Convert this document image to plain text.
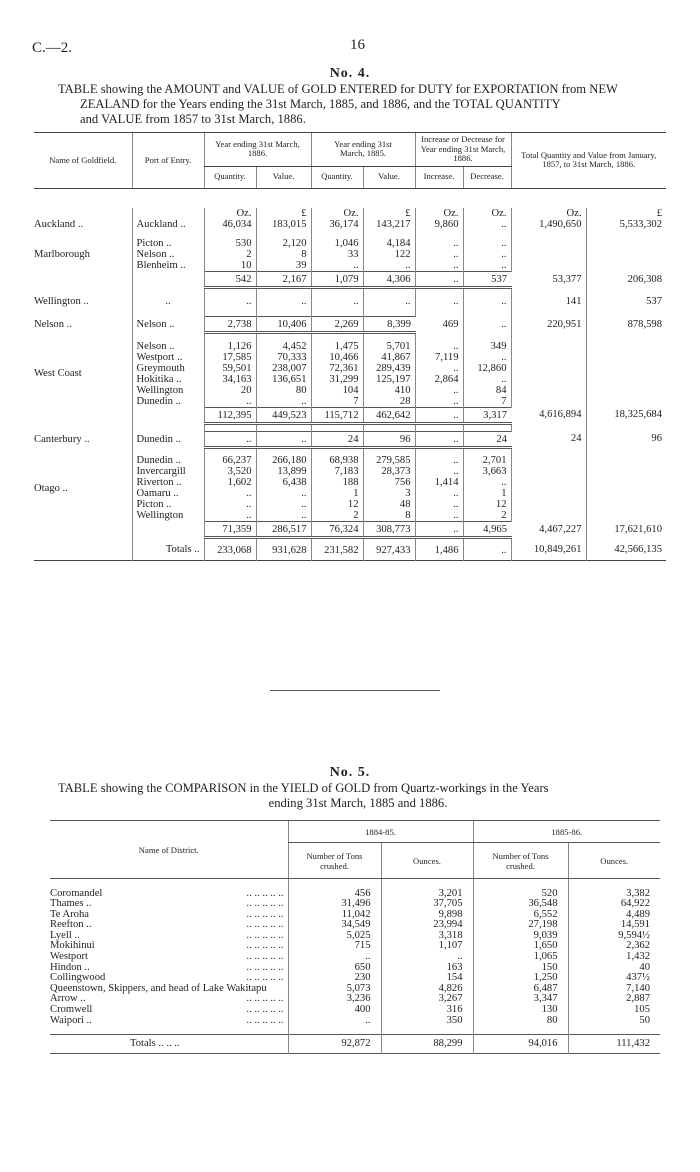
C.—2.	16
No. 4.
TABLE showing the AMOUNT and VALUE of GOLD ENTERED for DUTY for EXPORTATION from NEW
ZEALAND for the Years ending the 31st March, 1885, and 1886, and the TOTAL QUANTITY
and VALUE from 1857 to 31st March, 1886.
Name of Goldfield.	Port of Entry.	Year ending 31st March, 1886.		Year ending 31st March, 1885.		Increase or Decrease for Year ending 31st March, 1886.		Total Quantity and Value from January, 1857, to 31st March, 1886.	
		Quantity.	Value.	Quantity.	Value.	Increase.	Decrease.		

		Oz.	£	Oz.	£	Oz.	Oz.	Oz.	£
Auckland ..	Auckland ..	46,034	183,015	36,174	143,217	9,860	..	1,490,650	5,533,302

Marlborough	Picton ..	530	2,120	1,046	4,184	..	..		
	Nelson ..	2	8	33	122	..	..		
	Blenheim ..	10	39	..	..	..	..		
		542	2,167	1,079	4,306	..	537	53,377	206,308

Wellington ..	..	..	..	..	..	..	..	141	537

Nelson ..	Nelson ..	2,738	10,406	2,269	8,399	469	..	220,951	878,598

West Coast	Nelson ..	1,126	4,452	1,475	5,701	..	349		
	Westport ..	17,585	70,333	10,466	41,867	7,119	..		
	Greymouth	59,501	238,007	72,361	289,439	..	12,860		
	Hokitika ..	34,163	136,651	31,299	125,197	2,864	..		
	Wellington	20	80	104	410	..	84		
	Dunedin ..	..	..	7	28	..	7		
		112,395	449,523	115,712	462,642	..	3,317	4,616,894	18,325,684

Canterbury ..	Dunedin ..	..	..	24	96	..	24	24	96

Otago ..	Dunedin ..	66,237	266,180	68,938	279,585	..	2,701		
	Invercargill	3,520	13,899	7,183	28,373	..	3,663		
	Riverton ..	1,602	6,438	188	756	1,414	..		
	Oamaru ..	..	..	1	3	..	1		
	Picton ..	..	..	12	48	..	12		
	Wellington	..	..	2	8	..	2		
		71,359	286,517	76,324	308,773	..	4,965	4,467,227	17,621,610
	Totals ..	233,068	931,628	231,582	927,433	1,486	..	10,849,261	42,566,135
No. 5.
TABLE showing the COMPARISON in the YIELD of GOLD from Quartz-workings in the Years
ending 31st March, 1885 and 1886.
Name of District.	1884-85.		1885-86.	
	Number of Tons crushed.	Ounces.	Number of Tons crushed.	Ounces.

Coromandel .. .. .. .. ..	456	3,201	520	3,382
Thames .. .. .. .. .. ..	31,496	37,705	36,548	64,922
Te Aroha .. .. .. .. ..	11,042	9,898	6,552	4,489
Reefton .. .. .. .. .. ..	34,549	23,994	27,198	14,591
Lyell .. .. .. .. .. ..	5,025	3,318	9,039	9,594½
Mokihinui .. .. .. .. ..	715	1,107	1,650	2,362
Westport .. .. .. .. ..	..	..	1,065	1,432
Hindon .. .. .. .. .. ..	650	163	150	40
Collingwood .. .. .. .. ..	230	154	1,250	437½
Queenstown, Skippers, and head of Lake Wakitapu	5,073	4,826	6,487	7,140
Arrow .. .. .. .. .. ..	3,236	3,267	3,347	2,887
Cromwell .. .. .. .. ..	400	316	130	105
Waipori .. .. .. .. .. ..	..	350	80	50

Totals .. .. ..	92,872	88,299	94,016	111,432
